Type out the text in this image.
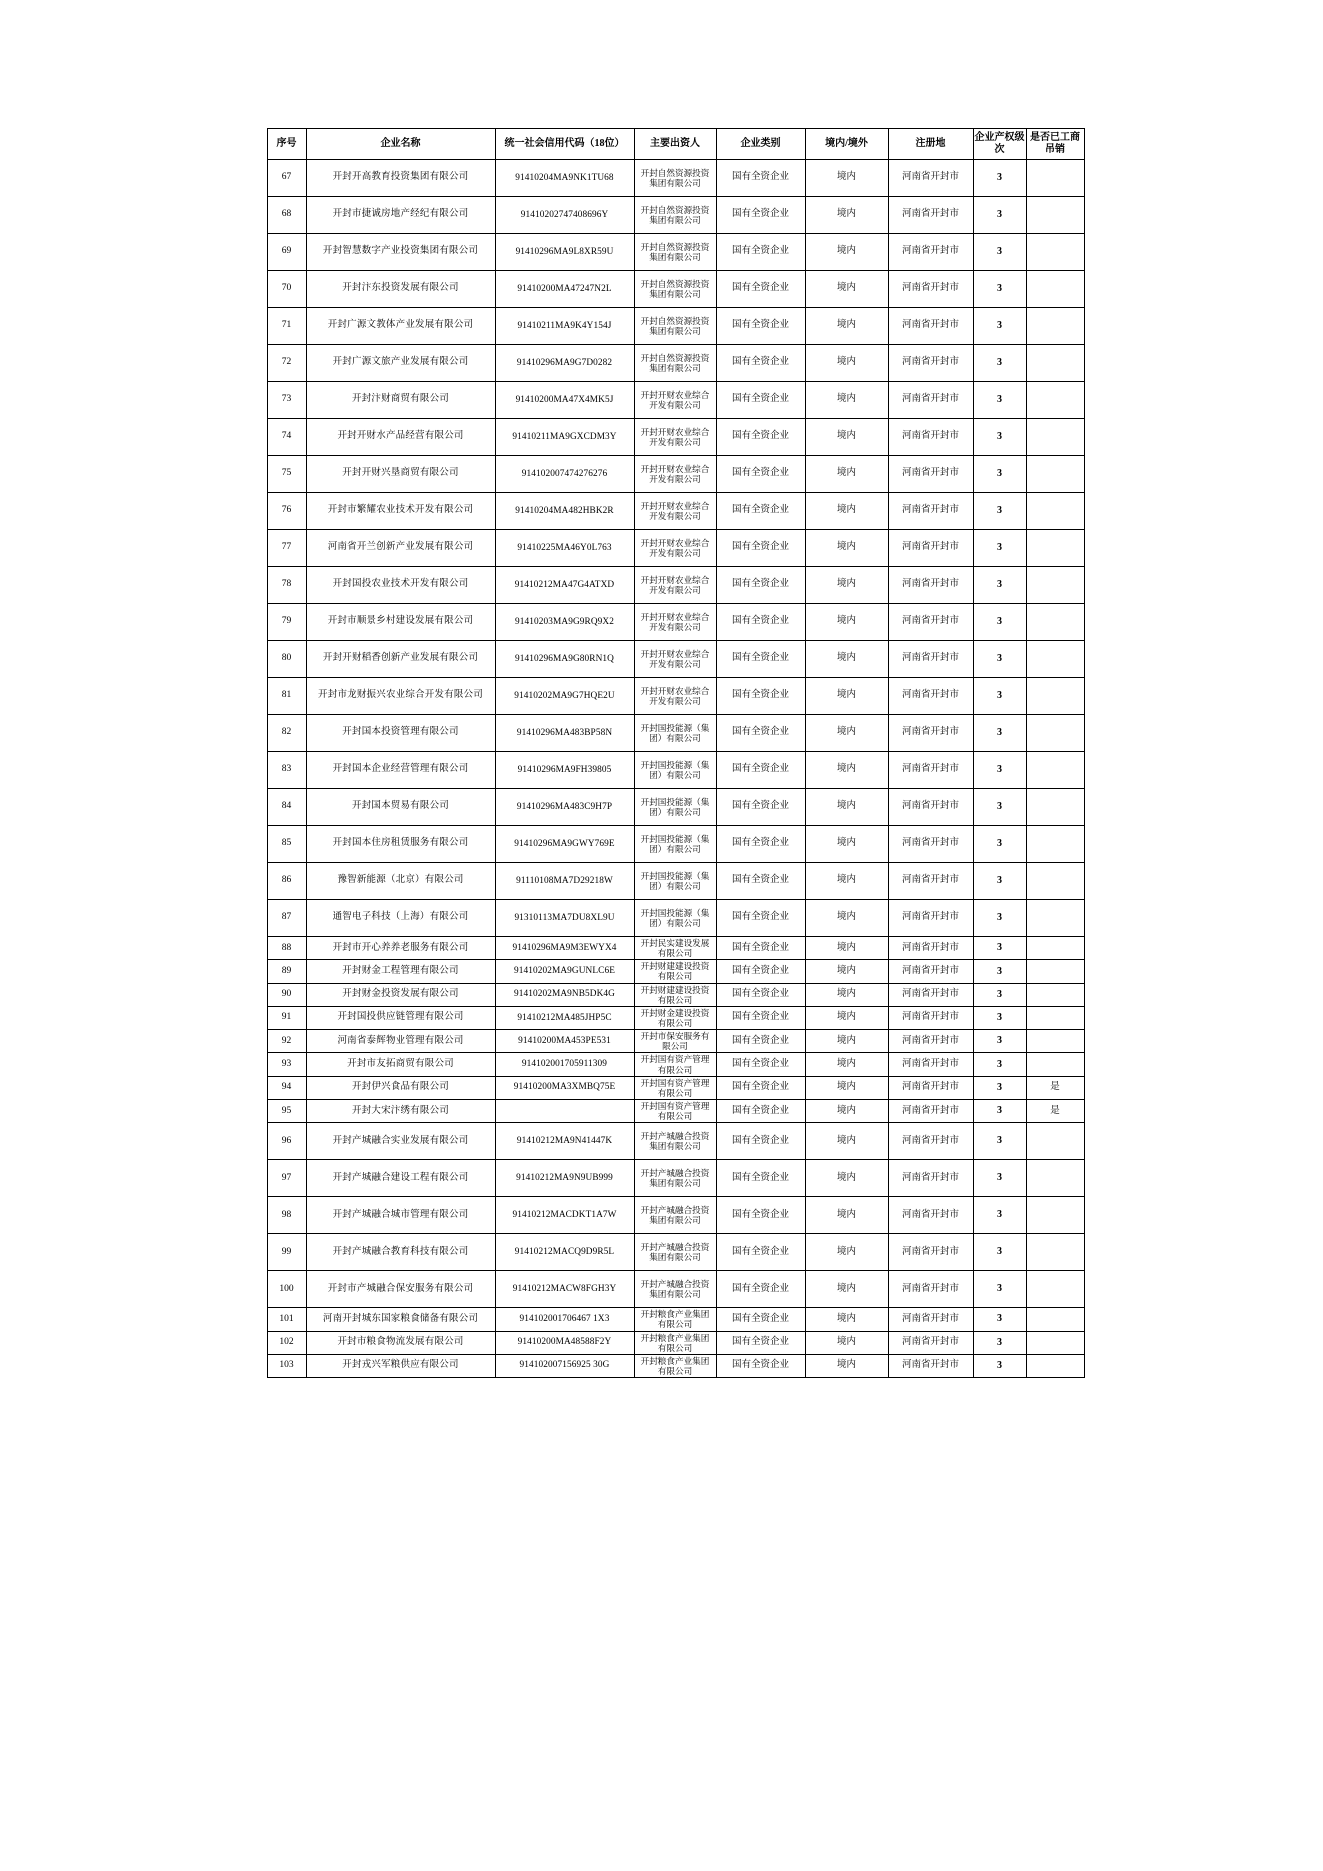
序号	企业名称	统一社会信用代码（18位）	主要出资人	企业类别	境内/境外	注册地	企业产权级次	是否已工商吊销
67	开封开高教育投资集团有限公司	91410204MA9NK1TU68	开封自然资源投资集团有限公司	国有全资企业	境内	河南省开封市	3	
68	开封市捷诚房地产经纪有限公司	91410202747408696Y	开封自然资源投资集团有限公司	国有全资企业	境内	河南省开封市	3	
69	开封智慧数字产业投资集团有限公司	91410296MA9L8XR59U	开封自然资源投资集团有限公司	国有全资企业	境内	河南省开封市	3	
70	开封汴东投资发展有限公司	91410200MA47247N2L	开封自然资源投资集团有限公司	国有全资企业	境内	河南省开封市	3	
71	开封广源文教体产业发展有限公司	91410211MA9K4Y154J	开封自然资源投资集团有限公司	国有全资企业	境内	河南省开封市	3	
72	开封广源文旅产业发展有限公司	91410296MA9G7D0282	开封自然资源投资集团有限公司	国有全资企业	境内	河南省开封市	3	
73	开封汴财商贸有限公司	91410200MA47X4MK5J	开封开财农业综合开发有限公司	国有全资企业	境内	河南省开封市	3	
74	开封开财水产品经营有限公司	91410211MA9GXCDM3Y	开封开财农业综合开发有限公司	国有全资企业	境内	河南省开封市	3	
75	开封开财兴垦商贸有限公司	914102007474276276	开封开财农业综合开发有限公司	国有全资企业	境内	河南省开封市	3	
76	开封市繁耀农业技术开发有限公司	91410204MA482HBK2R	开封开财农业综合开发有限公司	国有全资企业	境内	河南省开封市	3	
77	河南省开兰创新产业发展有限公司	91410225MA46Y0L763	开封开财农业综合开发有限公司	国有全资企业	境内	河南省开封市	3	
78	开封国投农业技术开发有限公司	91410212MA47G4ATXD	开封开财农业综合开发有限公司	国有全资企业	境内	河南省开封市	3	
79	开封市顺景乡村建设发展有限公司	91410203MA9G9RQ9X2	开封开财农业综合开发有限公司	国有全资企业	境内	河南省开封市	3	
80	开封开财稻香创新产业发展有限公司	91410296MA9G80RN1Q	开封开财农业综合开发有限公司	国有全资企业	境内	河南省开封市	3	
81	开封市龙财振兴农业综合开发有限公司	91410202MA9G7HQE2U	开封开财农业综合开发有限公司	国有全资企业	境内	河南省开封市	3	
82	开封国本投资管理有限公司	91410296MA483BP58N	开封国投能源（集团）有限公司	国有全资企业	境内	河南省开封市	3	
83	开封国本企业经营管理有限公司	91410296MA9FH39805	开封国投能源（集团）有限公司	国有全资企业	境内	河南省开封市	3	
84	开封国本贸易有限公司	91410296MA483C9H7P	开封国投能源（集团）有限公司	国有全资企业	境内	河南省开封市	3	
85	开封国本住房租赁服务有限公司	91410296MA9GWY769E	开封国投能源（集团）有限公司	国有全资企业	境内	河南省开封市	3	
86	豫智新能源（北京）有限公司	91110108MA7D29218W	开封国投能源（集团）有限公司	国有全资企业	境内	河南省开封市	3	
87	通智电子科技（上海）有限公司	91310113MA7DU8XL9U	开封国投能源（集团）有限公司	国有全资企业	境内	河南省开封市	3	
88	开封市开心养养老服务有限公司	91410296MA9M3EWYX4	开封民实建设发展有限公司	国有全资企业	境内	河南省开封市	3	
89	开封财金工程管理有限公司	91410202MA9GUNLC6E	开封财建建设投资有限公司	国有全资企业	境内	河南省开封市	3	
90	开封财金投资发展有限公司	91410202MA9NB5DK4G	开封财建建设投资有限公司	国有全资企业	境内	河南省开封市	3	
91	开封国投供应链管理有限公司	91410212MA485JHP5C	开封财金建设投资有限公司	国有全资企业	境内	河南省开封市	3	
92	河南省泰辉物业管理有限公司	91410200MA453PE531	开封市保安服务有限公司	国有全资企业	境内	河南省开封市	3	
93	开封市友拓商贸有限公司	914102001705911309	开封国有资产管理有限公司	国有全资企业	境内	河南省开封市	3	
94	开封伊兴食品有限公司	91410200MA3XMBQ75E	开封国有资产管理有限公司	国有全资企业	境内	河南省开封市	3	是
95	开封大宋汴绣有限公司		开封国有资产管理有限公司	国有全资企业	境内	河南省开封市	3	是
96	开封产城融合实业发展有限公司	91410212MA9N41447K	开封产城融合投资集团有限公司	国有全资企业	境内	河南省开封市	3	
97	开封产城融合建设工程有限公司	91410212MA9N9UB999	开封产城融合投资集团有限公司	国有全资企业	境内	河南省开封市	3	
98	开封产城融合城市管理有限公司	91410212MACDKT1A7W	开封产城融合投资集团有限公司	国有全资企业	境内	河南省开封市	3	
99	开封产城融合教育科技有限公司	91410212MACQ9D9R5L	开封产城融合投资集团有限公司	国有全资企业	境内	河南省开封市	3	
100	开封市产城融合保安服务有限公司	91410212MACW8FGH3Y	开封产城融合投资集团有限公司	国有全资企业	境内	河南省开封市	3	
101	河南开封城东国家粮食储备有限公司	914102001706467 1X3	开封粮食产业集团有限公司	国有全资企业	境内	河南省开封市	3	
102	开封市粮食物流发展有限公司	91410200MA48588F2Y	开封粮食产业集团有限公司	国有全资企业	境内	河南省开封市	3	
103	开封戎兴军粮供应有限公司	914102007156925 30G	开封粮食产业集团有限公司	国有全资企业	境内	河南省开封市	3	
